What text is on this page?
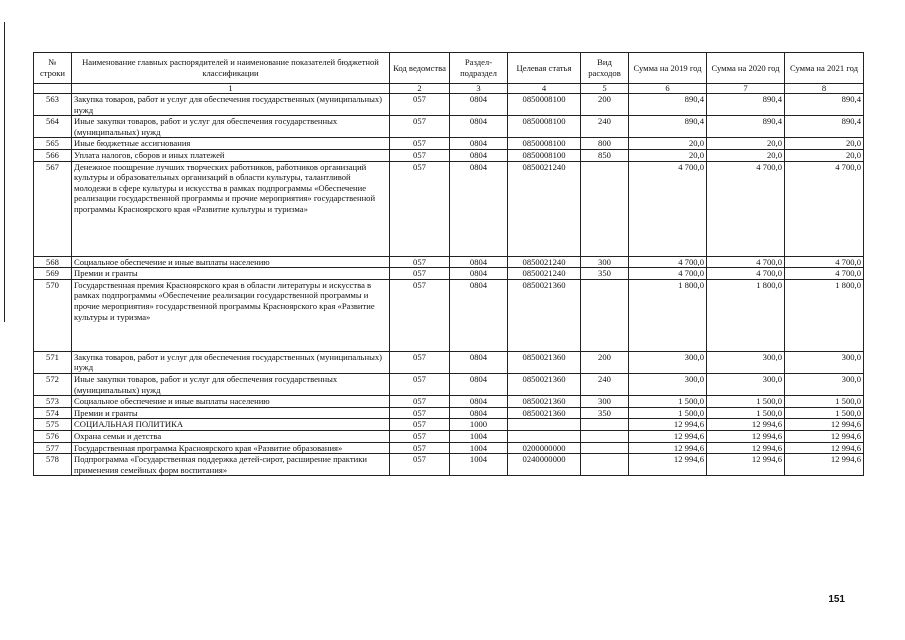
№ строки	Наименование главных распорядителей и наименование показателей бюджетной классификации	Код ведомства	Раздел-подраздел	Целевая статья	Вид расходов	Сумма на 2019 год	Сумма на 2020 год	Сумма на 2021 год
	1	2	3	4	5	6	7	8
563	Закупка товаров, работ и услуг для обеспечения государственных (муниципальных) нужд	057	0804	0850008100	200	890,4	890,4	890,4
564	Иные закупки товаров, работ и услуг для обеспечения государственных (муниципальных) нужд	057	0804	0850008100	240	890,4	890,4	890,4
565	Иные бюджетные ассигнования	057	0804	0850008100	800	20,0	20,0	20,0
566	Уплата налогов, сборов и иных платежей	057	0804	0850008100	850	20,0	20,0	20,0
567	Денежное поощрение лучших творческих работников, работников организаций культуры и образовательных организаций в области культуры, талантливой молодежи в сфере культуры и искусства в рамках подпрограммы «Обеспечение реализации государственной программы и прочие мероприятия» государственной программы Красноярского края «Развитие культуры и туризма»	057	0804	0850021240		4 700,0	4 700,0	4 700,0
568	Социальное обеспечение и иные выплаты населению	057	0804	0850021240	300	4 700,0	4 700,0	4 700,0
569	Премии и гранты	057	0804	0850021240	350	4 700,0	4 700,0	4 700,0
570	Государственная премия Красноярского края в области литературы и искусства в рамках подпрограммы «Обеспечение реализации государственной программы и прочие мероприятия» государственной программы Красноярского края «Развитие культуры и туризма»	057	0804	0850021360		1 800,0	1 800,0	1 800,0
571	Закупка товаров, работ и услуг для обеспечения государственных (муниципальных) нужд	057	0804	0850021360	200	300,0	300,0	300,0
572	Иные закупки товаров, работ и услуг для обеспечения государственных (муниципальных) нужд	057	0804	0850021360	240	300,0	300,0	300,0
573	Социальное обеспечение и иные выплаты населению	057	0804	0850021360	300	1 500,0	1 500,0	1 500,0
574	Премии и гранты	057	0804	0850021360	350	1 500,0	1 500,0	1 500,0
575	СОЦИАЛЬНАЯ ПОЛИТИКА	057	1000			12 994,6	12 994,6	12 994,6
576	Охрана семьи и детства	057	1004			12 994,6	12 994,6	12 994,6
577	Государственная программа Красноярского края «Развитие образования»	057	1004	0200000000		12 994,6	12 994,6	12 994,6
578	Подпрограмма «Государственная поддержка детей-сирот, расширение практики применения семейных форм воспитания»	057	1004	0240000000		12 994,6	12 994,6	12 994,6
151
